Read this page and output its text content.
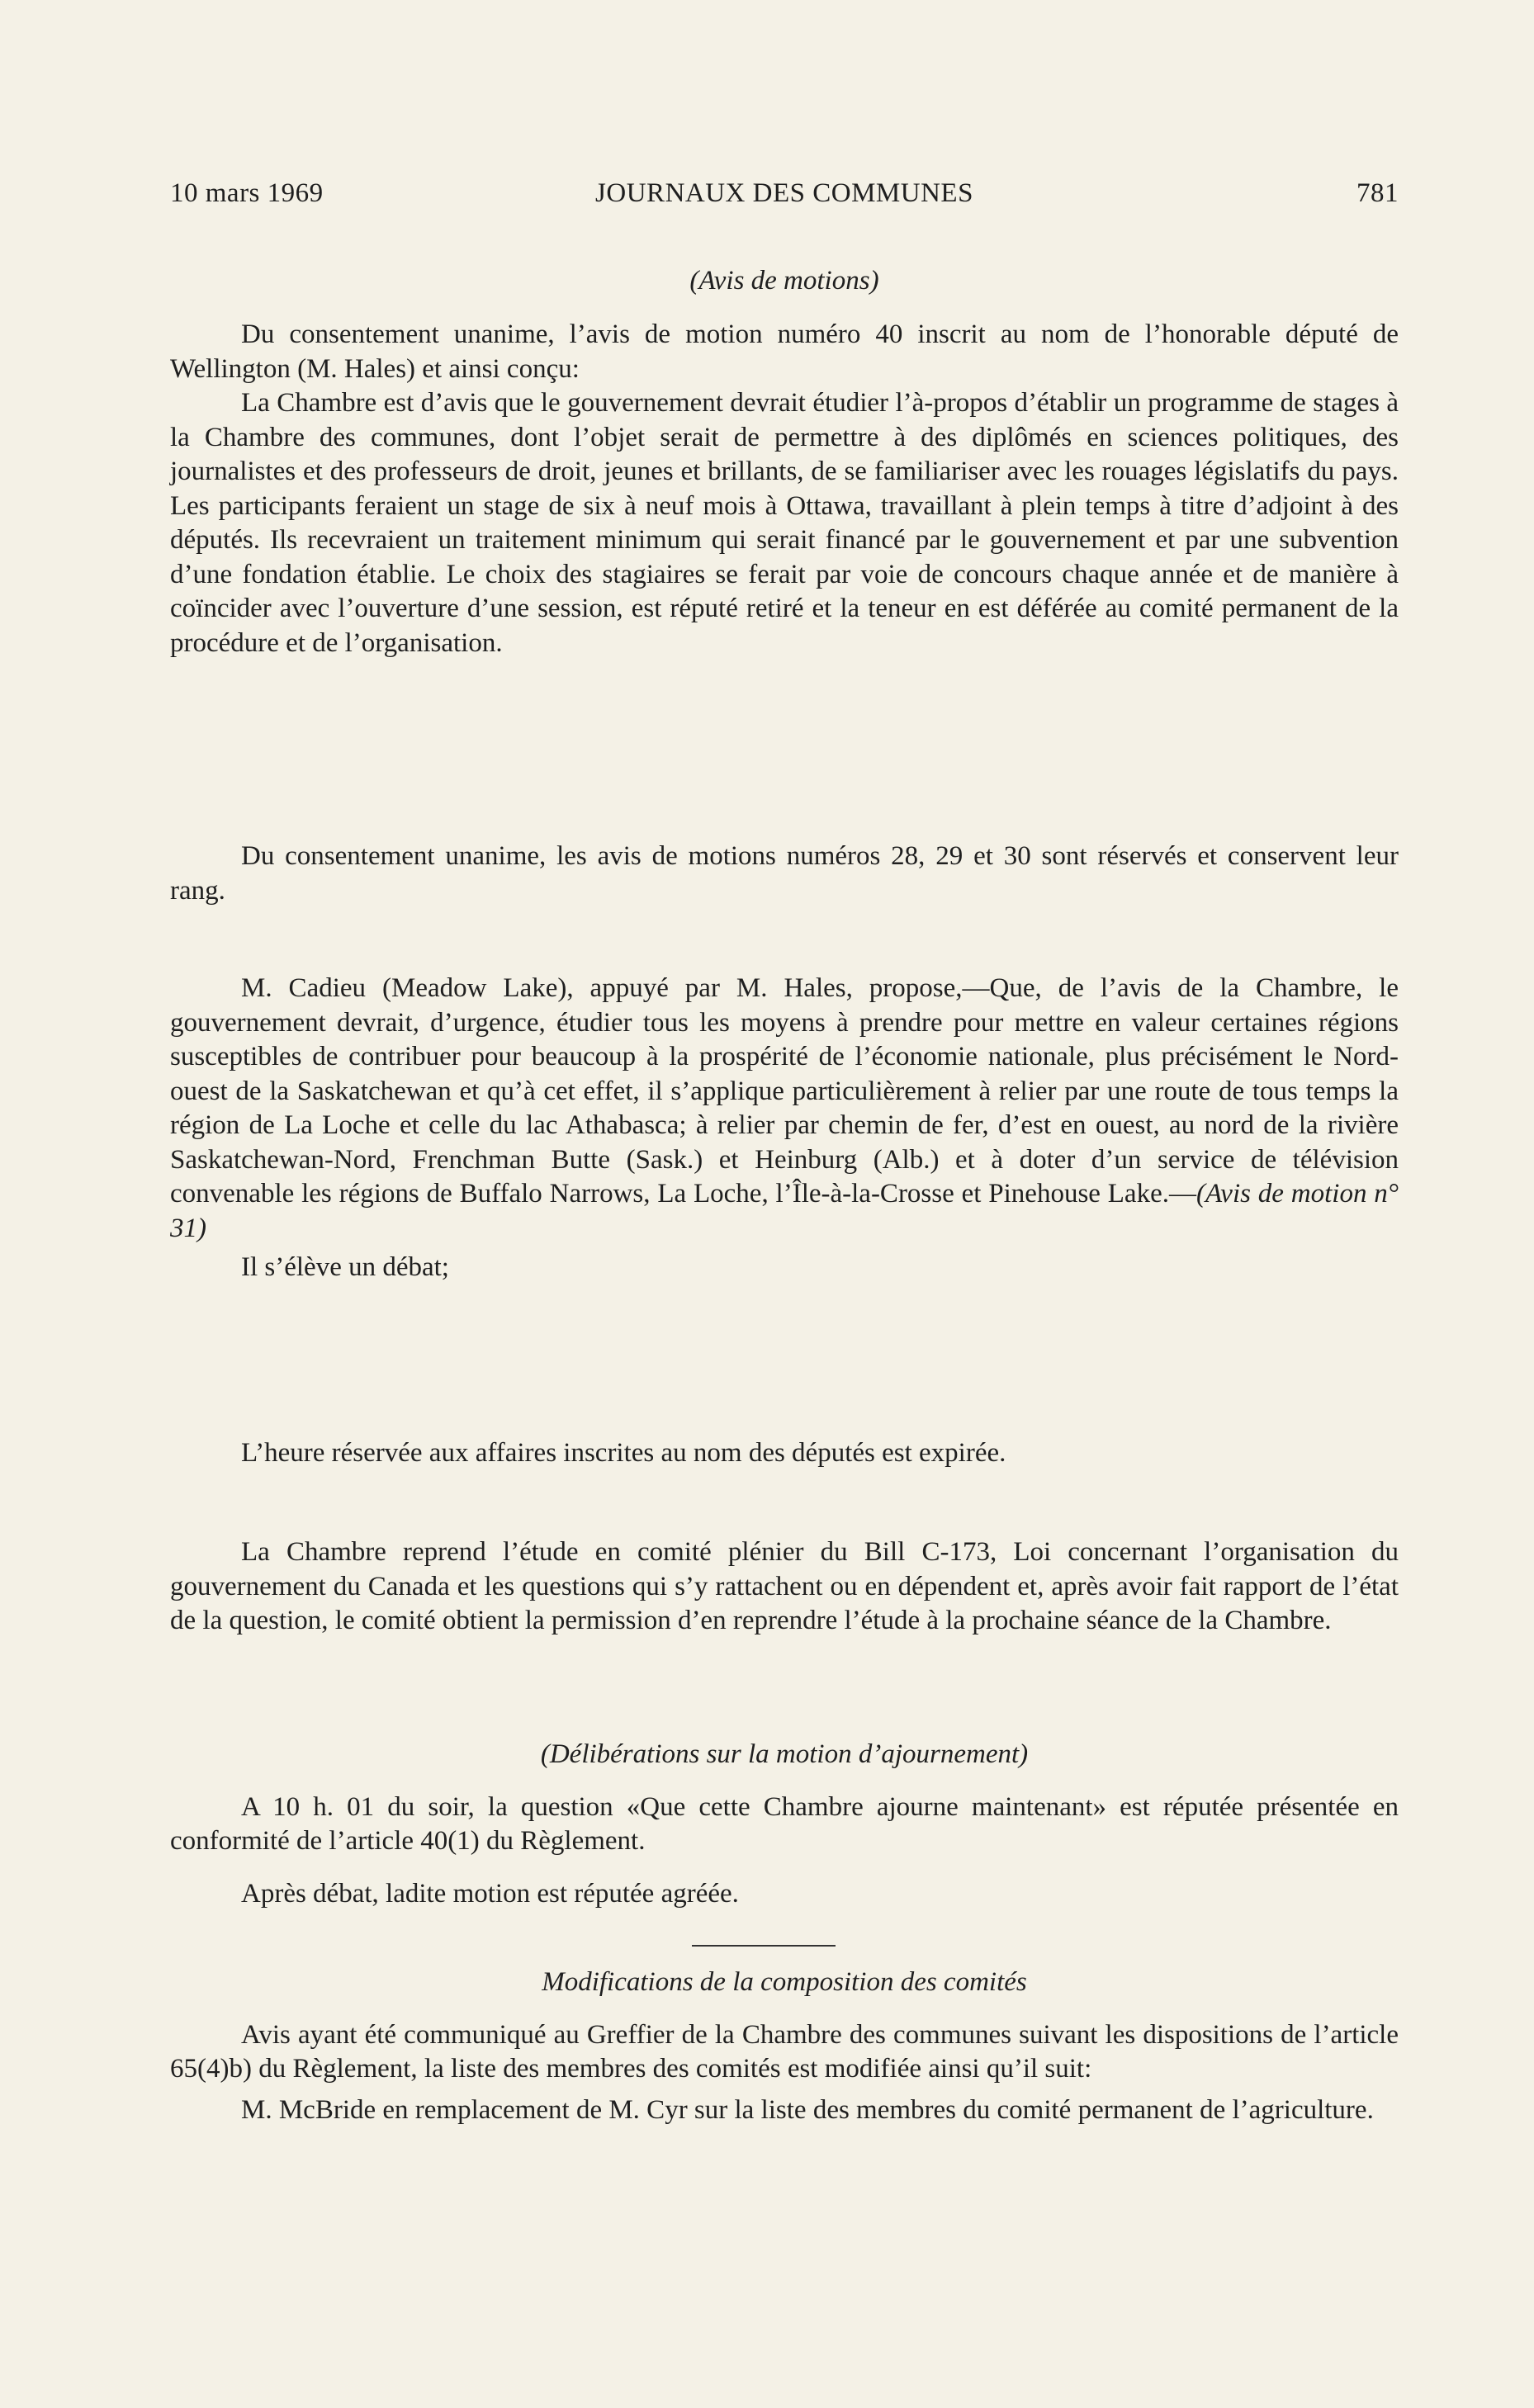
10 mars 1969	JOURNAUX DES COMMUNES	781
(Avis de motions)

Du consentement unanime, l’avis de motion numéro 40 inscrit au nom de l’honorable député de Wellington (M. Hales) et ainsi conçu:

La Chambre est d’avis que le gouvernement devrait étudier l’à-propos d’établir un programme de stages à la Chambre des communes, dont l’objet serait de permettre à des diplômés en sciences politiques, des journalistes et des professeurs de droit, jeunes et brillants, de se familiariser avec les rouages législatifs du pays. Les participants feraient un stage de six à neuf mois à Ottawa, travaillant à plein temps à titre d’adjoint à des députés. Ils recevraient un traitement minimum qui serait financé par le gouvernement et par une subvention d’une fondation établie. Le choix des stagiaires se ferait par voie de concours chaque année et de manière à coïncider avec l’ouverture d’une session, est réputé retiré et la teneur en est déférée au comité permanent de la procédure et de l’organisation.

Du consentement unanime, les avis de motions numéros 28, 29 et 30 sont réservés et conservent leur rang.

M. Cadieu (Meadow Lake), appuyé par M. Hales, propose,—Que, de l’avis de la Chambre, le gouvernement devrait, d’urgence, étudier tous les moyens à prendre pour mettre en valeur certaines régions susceptibles de contribuer pour beaucoup à la prospérité de l’économie nationale, plus précisément le Nord-ouest de la Saskatchewan et qu’à cet effet, il s’applique particulièrement à relier par une route de tous temps la région de La Loche et celle du lac Athabasca; à relier par chemin de fer, d’est en ouest, au nord de la rivière Saskatchewan-Nord, Frenchman Butte (Sask.) et Heinburg (Alb.) et à doter d’un service de télévision convenable les régions de Buffalo Narrows, La Loche, l’Île-à-la-Crosse et Pinehouse Lake.—(Avis de motion n° 31)

Il s’élève un débat;

L’heure réservée aux affaires inscrites au nom des députés est expirée.

La Chambre reprend l’étude en comité plénier du Bill C-173, Loi concernant l’organisation du gouvernement du Canada et les questions qui s’y rattachent ou en dépendent et, après avoir fait rapport de l’état de la question, le comité obtient la permission d’en reprendre l’étude à la prochaine séance de la Chambre.

(Délibérations sur la motion d’ajournement)

A 10 h. 01 du soir, la question «Que cette Chambre ajourne maintenant» est réputée présentée en conformité de l’article 40(1) du Règlement.

Après débat, ladite motion est réputée agréée.

Modifications de la composition des comités

Avis ayant été communiqué au Greffier de la Chambre des communes suivant les dispositions de l’article 65(4)b) du Règlement, la liste des membres des comités est modifiée ainsi qu’il suit:

M. McBride en remplacement de M. Cyr sur la liste des membres du comité permanent de l’agriculture.
